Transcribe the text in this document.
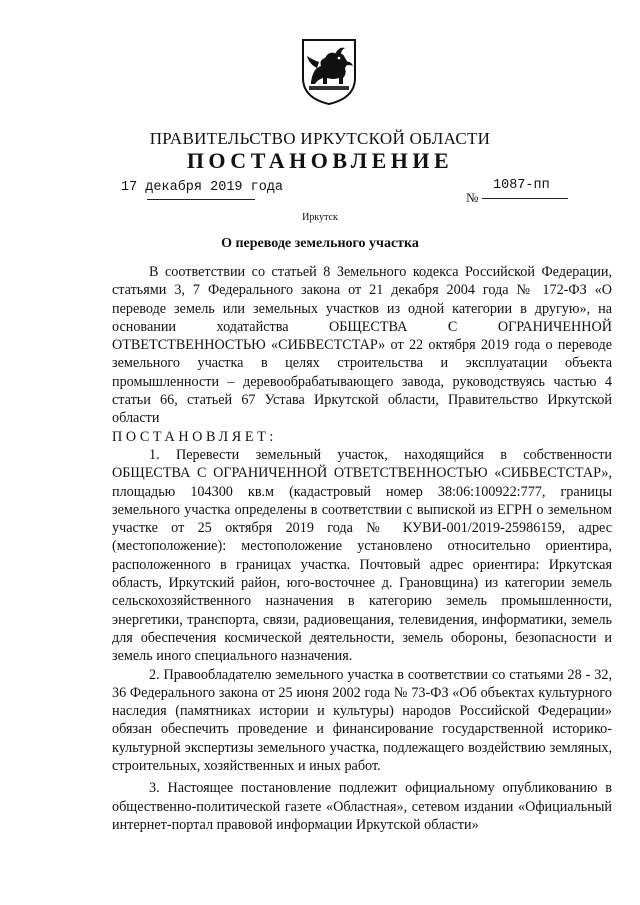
ПРАВИТЕЛЬСТВО ИРКУТСКОЙ ОБЛАСТИ
ПОСТАНОВЛЕНИЕ
17 декабря 2019 года
№
1087-пп
Иркутск
О переводе земельного участка

В соответствии со статьей 8 Земельного кодекса Российской Федерации, статьями 3, 7 Федерального закона от 21 декабря 2004 года № 172-ФЗ «О переводе земель или земельных участков из одной категории в другую», на основании ходатайства ОБЩЕСТВА С ОГРАНИЧЕННОЙ ОТВЕТСТВЕННОСТЬЮ «СИБВЕСТСТАР» от 22 октября 2019 года о переводе земельного участка в целях строительства и эксплуатации объекта промышленности – деревообрабатывающего завода, руководствуясь частью 4 статьи 66, статьей 67 Устава Иркутской области, Правительство Иркутской области

ПОСТАНОВЛЯЕТ:

1. Перевести земельный участок, находящийся в собственности ОБЩЕСТВА С ОГРАНИЧЕННОЙ ОТВЕТСТВЕННОСТЬЮ «СИБВЕСТСТАР», площадью 104300 кв.м (кадастровый номер 38:06:100922:777, границы земельного участка определены в соответствии с выпиской из ЕГРН о земельном участке от 25 октября 2019 года № КУВИ-001/2019-25986159, адрес (местоположение): местоположение установлено относительно ориентира, расположенного в границах участка. Почтовый адрес ориентира: Иркутская область, Иркутский район, юго-восточнее д. Грановщина) из категории земель сельскохозяйственного назначения в категорию земель промышленности, энергетики, транспорта, связи, радиовещания, телевидения, информатики, земель для обеспечения космической деятельности, земель обороны, безопасности и земель иного специального назначения.

2. Правообладателю земельного участка в соответствии со статьями 28 - 32, 36 Федерального закона от 25 июня 2002 года № 73-ФЗ «Об объектах культурного наследия (памятниках истории и культуры) народов Российской Федерации» обязан обеспечить проведение и финансирование государственной историко-культурной экспертизы земельного участка, подлежащего воздействию земляных, строительных, хозяйственных и иных работ.

3. Настоящее постановление подлежит официальному опубликованию в общественно-политической газете «Областная», сетевом издании «Официальный интернет-портал правовой информации Иркутской области»
